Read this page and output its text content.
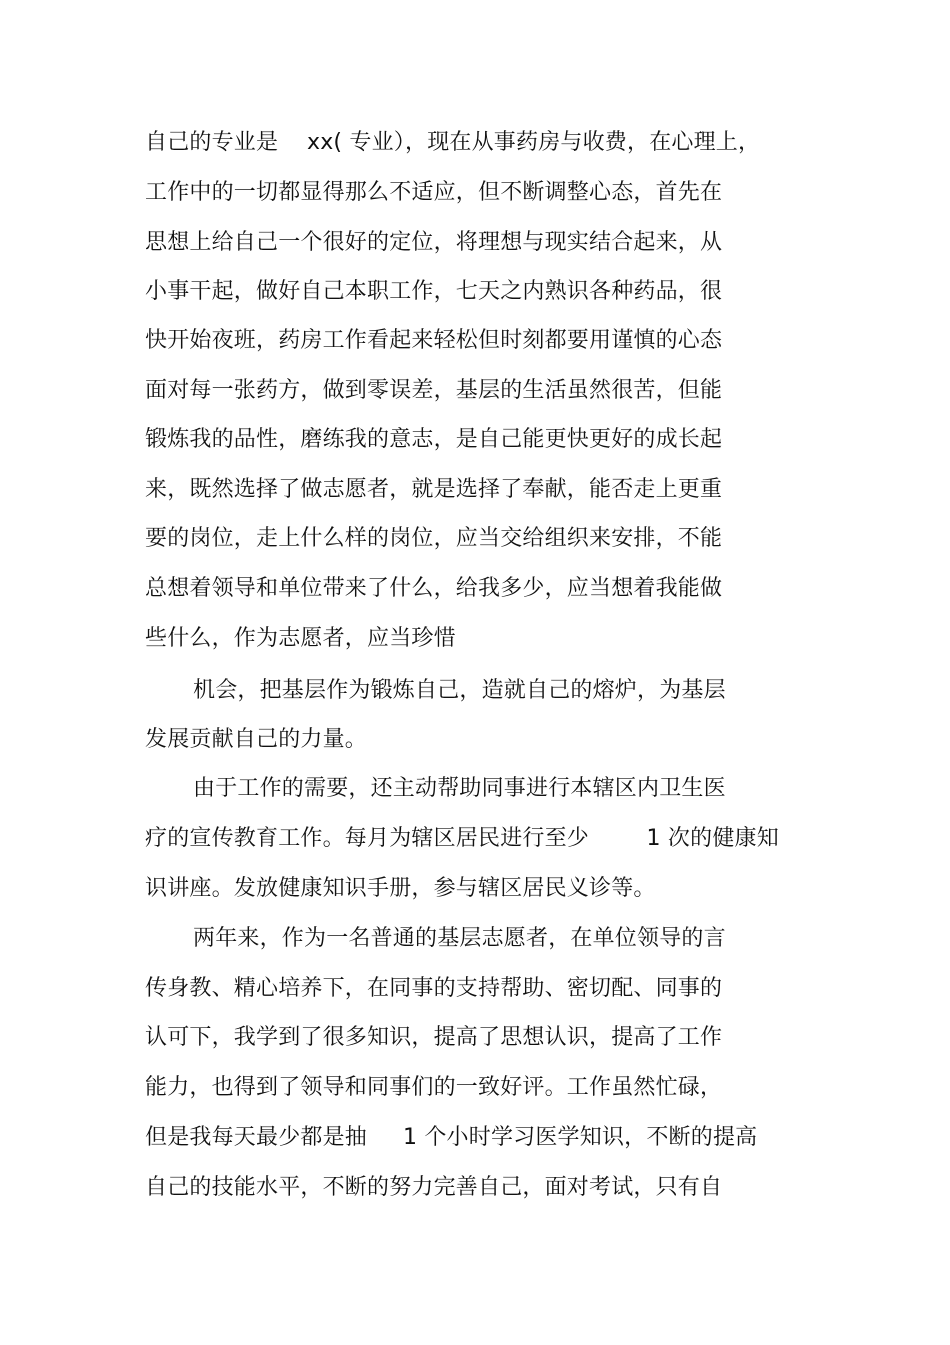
自己的专业是    xx( 专业），现在从事药房与收费，在心理上，
工作中的一切都显得那么不适应，但不断调整心态，首先在
思想上给自己一个很好的定位，将理想与现实结合起来，从
小事干起，做好自己本职工作，七天之内熟识各种药品，很
快开始夜班，药房工作看起来轻松但时刻都要用谨慎的心态
面对每一张药方，做到零误差，基层的生活虽然很苦，但能
锻炼我的品性，磨练我的意志，是自己能更快更好的成长起
来，既然选择了做志愿者，就是选择了奉献，能否走上更重
要的岗位，走上什么样的岗位，应当交给组织来安排，不能
总想着领导和单位带来了什么，给我多少，应当想着我能做
些什么，作为志愿者，应当珍惜
机会，把基层作为锻炼自己，造就自己的熔炉，为基层
发展贡献自己的力量。
由于工作的需要，还主动帮助同事进行本辖区内卫生医
疗的宣传教育工作。每月为辖区居民进行至少        1 次的健康知
识讲座。发放健康知识手册，参与辖区居民义诊等。
两年来，作为一名普通的基层志愿者，在单位领导的言
传身教、精心培养下，在同事的支持帮助、密切配、同事的
认可下，我学到了很多知识，提高了思想认识，提高了工作
能力，也得到了领导和同事们的一致好评。工作虽然忙碌，
但是我每天最少都是抽     1 个小时学习医学知识，不断的提高
自己的技能水平，不断的努力完善自己，面对考试，只有自
